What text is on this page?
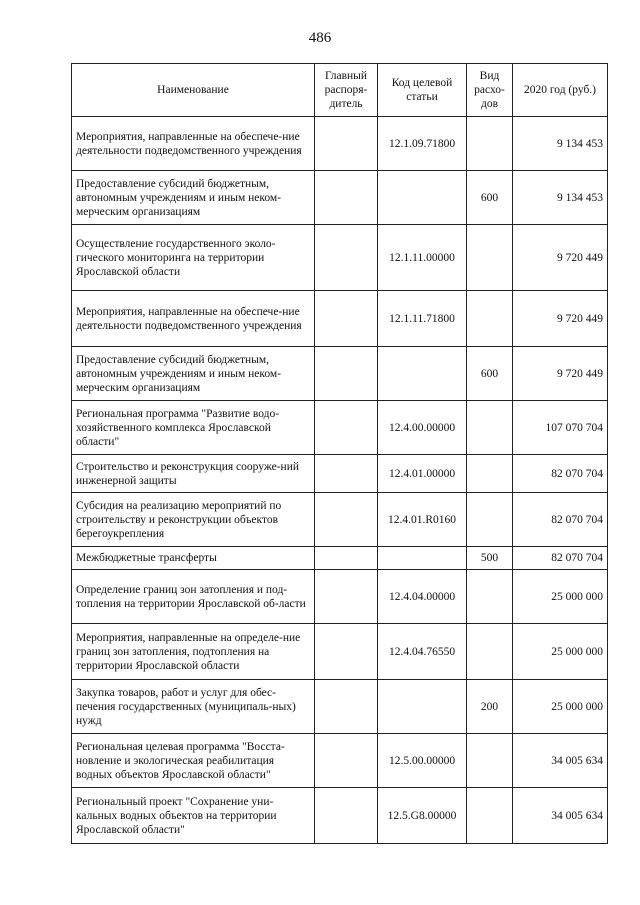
486
Наименование	Главный распоря-дитель	Код целевой статьи	Вид расхо-дов	2020 год (руб.)
Мероприятия, направленные на обеспече-ние деятельности подведомственного учреждения		12.1.09.71800		9 134 453
Предоставление субсидий бюджетным, автономным учреждениям и иным неком-мерческим организациям			600	9 134 453
Осуществление государственного эколо-гического мониторинга на территории Ярославской области		12.1.11.00000		9 720 449
Мероприятия, направленные на обеспече-ние деятельности подведомственного учреждения		12.1.11.71800		9 720 449
Предоставление субсидий бюджетным, автономным учреждениям и иным неком-мерческим организациям			600	9 720 449
Региональная программа "Развитие водо-хозяйственного комплекса Ярославской области"		12.4.00.00000		107 070 704
Строительство и реконструкция сооруже-ний инженерной защиты		12.4.01.00000		82 070 704
Субсидия на реализацию мероприятий по строительству и реконструкции объектов берегоукрепления		12.4.01.R0160		82 070 704
Межбюджетные трансферты			500	82 070 704
Определение границ зон затопления и под-топления на территории Ярославской об-ласти		12.4.04.00000		25 000 000
Мероприятия, направленные на определе-ние границ зон затопления, подтопления на территории Ярославской области		12.4.04.76550		25 000 000
Закупка товаров, работ и услуг для обес-печения государственных (муниципаль-ных) нужд			200	25 000 000
Региональная целевая программа "Восста-новление и экологическая реабилитация водных объектов Ярославской области"		12.5.00.00000		34 005 634
Региональный проект "Сохранение уни-кальных водных объектов на территории Ярославской области"		12.5.G8.00000		34 005 634
